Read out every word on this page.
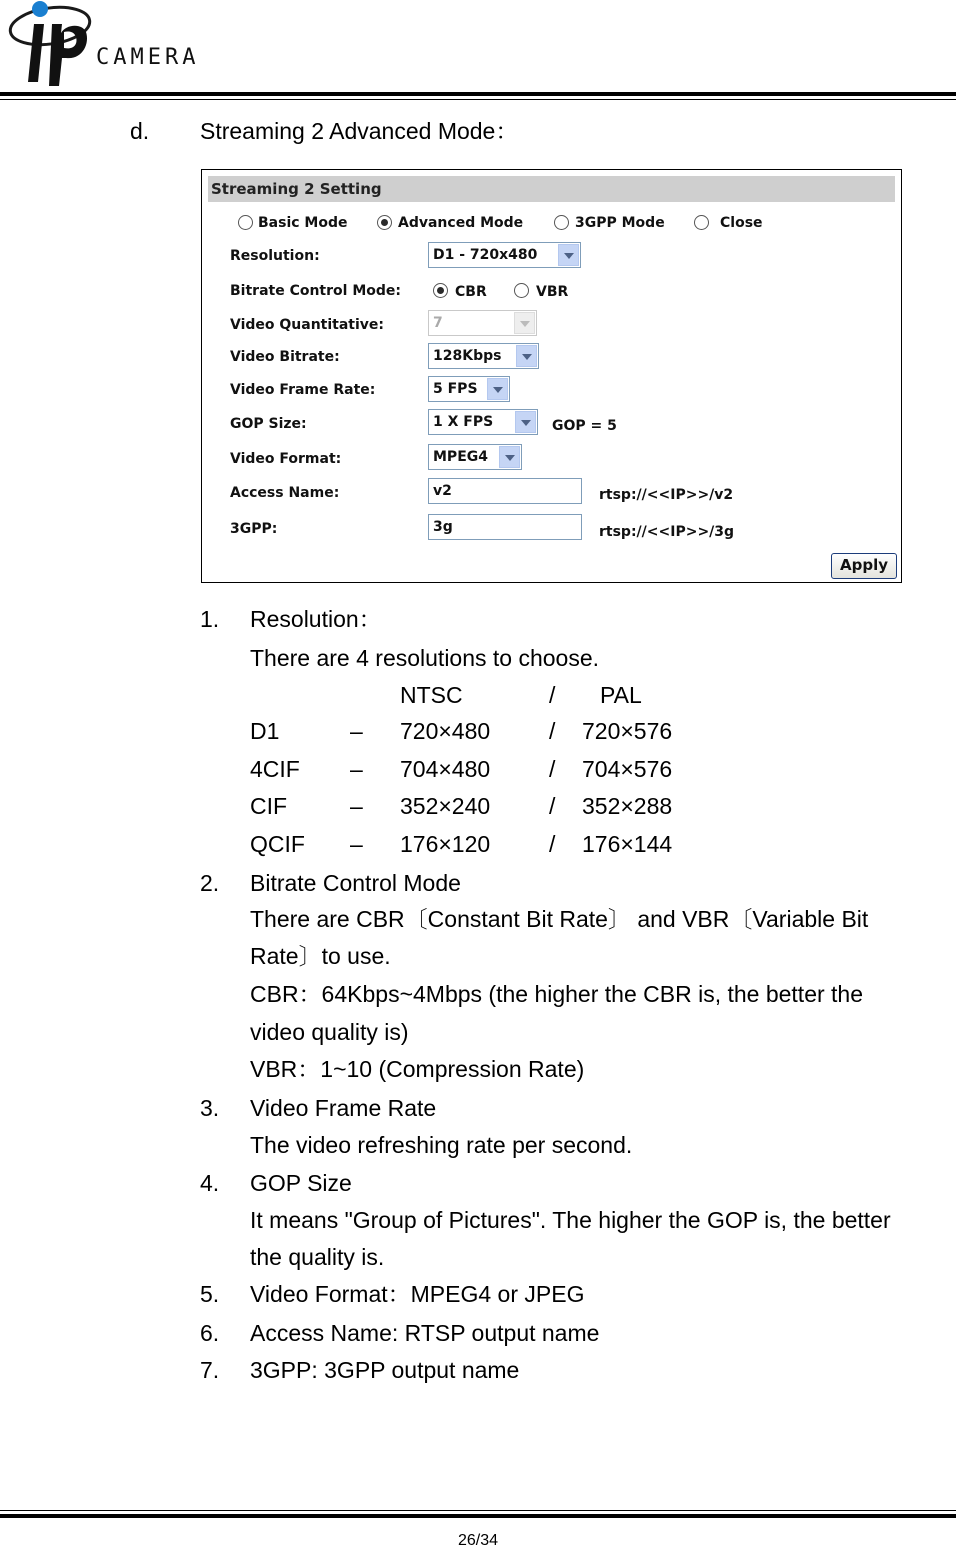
CAMERA
d. Streaming 2 Advanced Mode：
Streaming 2 Setting
Basic Mode	Advanced Mode	3GPP Mode	Close
Resolution:	D1 - 720x480
Bitrate Control Mode:	CBR	VBR
Video Quantitative:	7
Video Bitrate:	128Kbps
Video Frame Rate:	5 FPS
GOP Size:	1 X FPS	GOP = 5
Video Format:	MPEG4
Access Name:	v2	rtsp://<<IP>>/v2
3GPP:	3g	rtsp://<<IP>>/3g
Apply
1. Resolution：
There are 4 resolutions to choose.
NTSC	/ PAL
D1	– 720×480	/ 720×576
4CIF – 704×480	/ 704×576
CIF	– 352×240	/ 352×288
QCIF – 176×120	/ 176×144
2. Bitrate Control Mode
There are CBR〔Constant Bit Rate〕 and VBR〔Variable Bit
Rate〕to use.
CBR：64Kbps~4Mbps (the higher the CBR is, the better the
video quality is)
VBR：1~10 (Compression Rate)
3. Video Frame Rate
The video refreshing rate per second.
4. GOP Size
It means "Group of Pictures". The higher the GOP is, the better
the quality is.
5. Video Format：MPEG4 or JPEG
6. Access Name: RTSP output name
7. 3GPP: 3GPP output name
26/34
